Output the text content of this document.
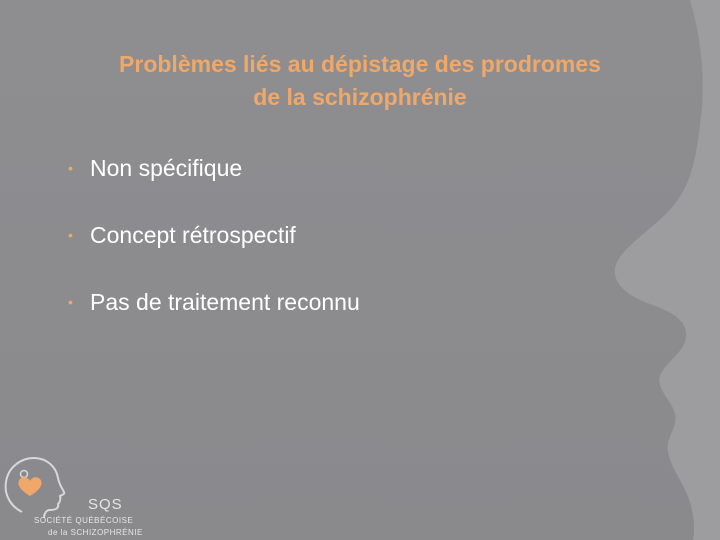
Problèmes liés au dépistage des prodromes
de la schizophrénie
• Non spécifique
• Concept rétrospectif
• Pas de traitement reconnu
SQS
SOCIÉTÉ QUÉBÉCOISE
de la SCHIZOPHRÉNIE
